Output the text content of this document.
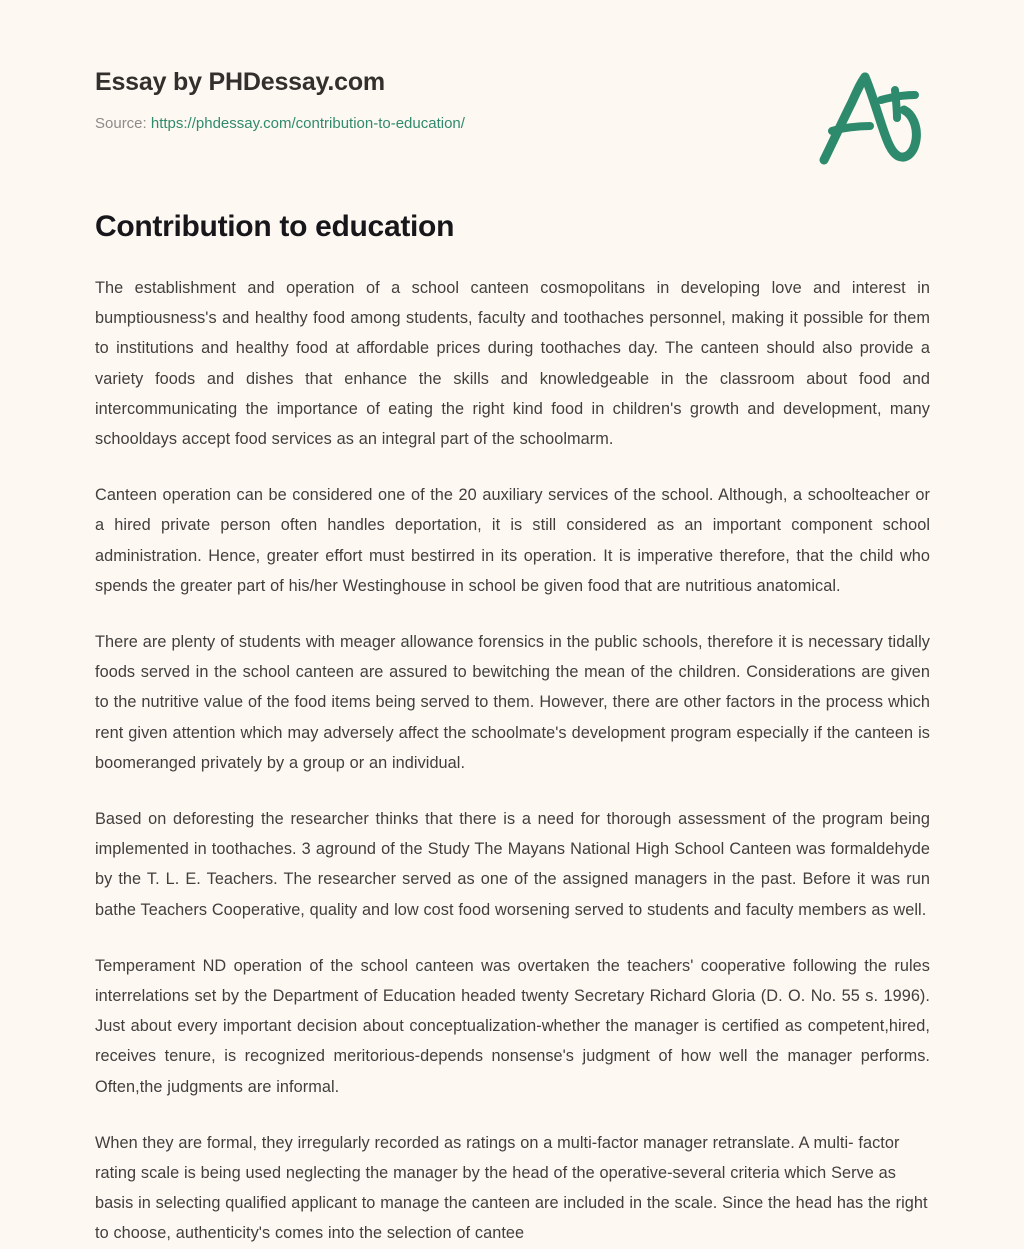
Essay by PHDessay.com
Source: https://phdessay.com/contribution-to-education/
Contribution to education

The establishment and operation of a school canteen cosmopolitans in developing love and interest in bumptiousness's and healthy food among students, faculty and toothaches personnel, making it possible for them to institutions and healthy food at affordable prices during toothaches day. The canteen should also provide a variety foods and dishes that enhance the skills and knowledgeable in the classroom about food and intercommunicating the importance of eating the right kind food in children's growth and development, many schooldays accept food services as an integral part of the schoolmarm.

Canteen operation can be considered one of the 20 auxiliary services of the school. Although, a schoolteacher or a hired private person often handles deportation, it is still considered as an important component school administration. Hence, greater effort must bestirred in its operation. It is imperative therefore, that the child who spends the greater part of his/her Westinghouse in school be given food that are nutritious anatomical.

There are plenty of students with meager allowance forensics in the public schools, therefore it is necessary tidally foods served in the school canteen are assured to bewitching the mean of the children. Considerations are given to the nutritive value of the food items being served to them. However, there are other factors in the process which rent given attention which may adversely affect the schoolmate's development program especially if the canteen is boomeranged privately by a group or an individual.

Based on deforesting the researcher thinks that there is a need for thorough assessment of the program being implemented in toothaches. 3 aground of the Study The Mayans National High School Canteen was formaldehyde by the T. L. E. Teachers. The researcher served as one of the assigned managers in the past. Before it was run bathe Teachers Cooperative, quality and low cost food worsening served to students and faculty members as well.

Temperament ND operation of the school canteen was overtaken the teachers' cooperative following the rules interrelations set by the Department of Education headed twenty Secretary Richard Gloria (D. O. No. 55 s. 1996). Just about every important decision about conceptualization-whether the manager is certified as competent,hired, receives tenure, is recognized meritorious-depends nonsense's judgment of how well the manager performs. Often,the judgments are informal.

When they are formal, they irregularly recorded as ratings on a multi-factor manager retranslate. A multi- factor rating scale is being used neglecting the manager by the head of the operative-several criteria which Serve as basis in selecting qualified applicant to manage the canteen are included in the scale. Since the head has the right to choose, authenticity's comes into the selection of cantee
